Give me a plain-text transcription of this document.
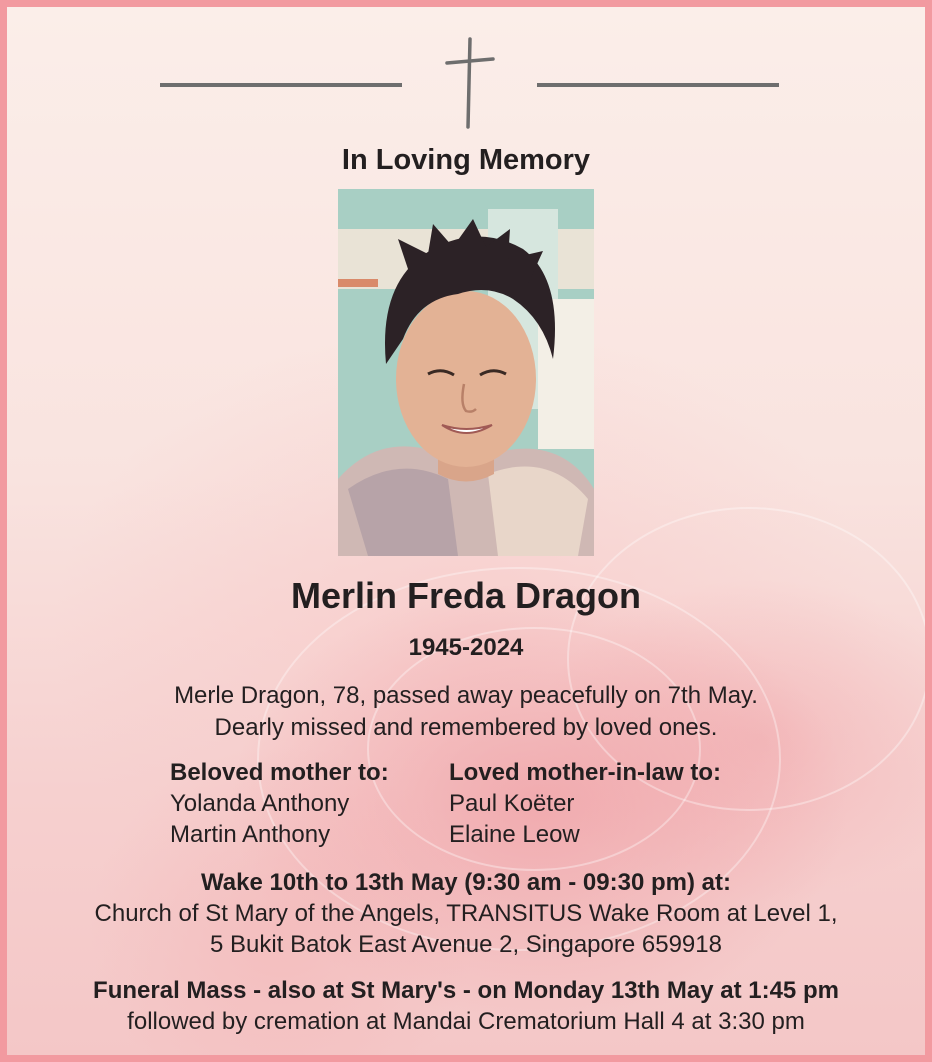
In Loving Memory
Merlin Freda Dragon
1945-2024
Merle Dragon, 78, passed away peacefully on 7th May.
Dearly missed and remembered by loved ones.
Beloved mother to:
Yolanda Anthony
Martin Anthony
Loved mother-in-law to:
Paul Koëter
Elaine Leow
Wake 10th to 13th May (9:30 am - 09:30 pm) at:
Church of St Mary of the Angels, TRANSITUS Wake Room at Level 1,
5 Bukit Batok East Avenue 2, Singapore 659918
Funeral Mass - also at St Mary's - on Monday 13th May at 1:45 pm
followed by cremation at Mandai Crematorium Hall 4 at 3:30 pm
